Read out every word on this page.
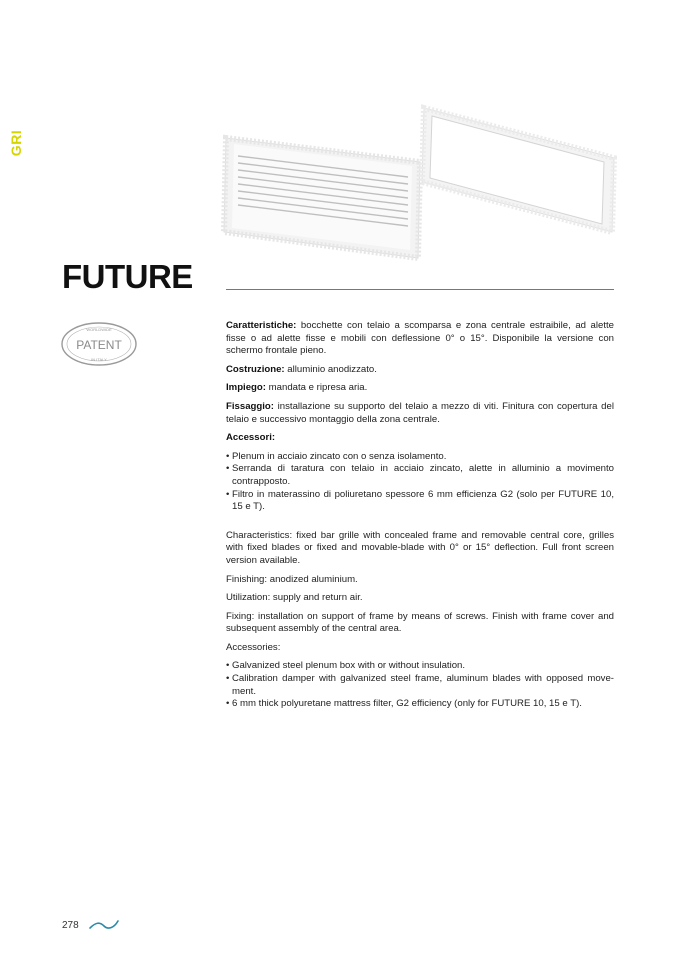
GRI
FUTURE
WORLDWIDE
PATENT
IN ITALY

Caratteristiche: bocchette con telaio a scomparsa e zona centrale estraibile, ad alette fisse o ad alette fisse e mobili con deflessione 0° o 15°. Disponibile la versione con schermo frontale pieno.

Costruzione: alluminio anodizzato.

Impiego: mandata e ripresa aria.

Fissaggio: installazione su supporto del telaio a mezzo di viti. Finitura con copertura del telaio e successivo montaggio della zona centrale.

Accessori:

• Plenum in acciaio zincato con o senza isolamento.
• Serranda di taratura con telaio in acciaio zincato, alette in alluminio a movimento contrapposto.
• Filtro in materassino di poliuretano spessore 6 mm efficienza G2 (solo per FUTURE 10, 15 e T).

Characteristics: fixed bar grille with concealed frame and removable central core, grilles with fixed blades or fixed and movable-blade with 0° or 15° deflection. Full front screen version available.

Finishing: anodized aluminium.

Utilization: supply and return air.

Fixing: installation on support of frame by means of screws. Finish with frame cover and subsequent assembly of the central area.

Accessories:

• Galvanized steel plenum box with or without insulation.
• Calibration damper with galvanized steel frame, aluminum blades with opposed move-ment.
• 6 mm thick polyuretane mattress filter, G2 efficiency (only for FUTURE 10, 15 e T).
278
